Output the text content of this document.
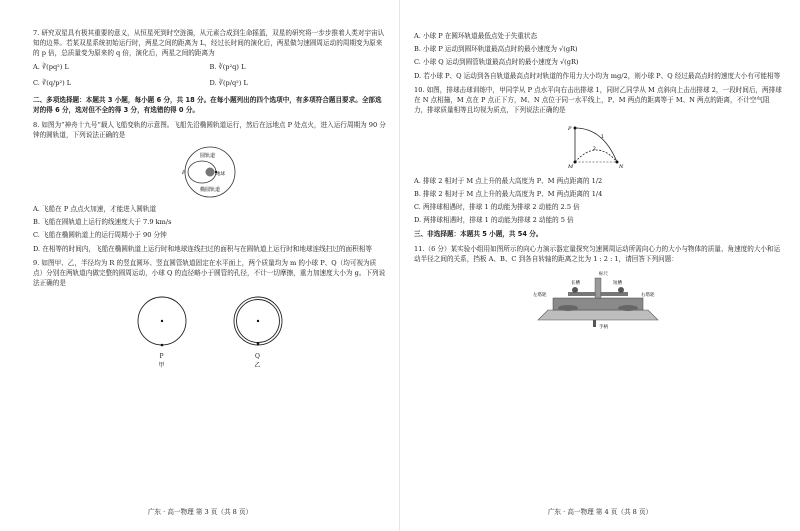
7. 研究双星具有极其重要的意义，从恒星死到时空涟漪，从元素合成到生命摇篮，双星的研究将一步步推着人类对宇宙认知的边界。若某双星系统初始运行时，两星之间的距离为 L，经过长时间的演化后，两星做匀速圆周运动的周期变为原来的 p 倍，总质量变为原来的 q 倍，演化后，两星之间的距离为

A. ∛(pq²) L	B. ∛(p²q) L
C. ∛(q/p²) L	D. ∛(p/q²) L

二、多项选择题：本题共 3 小题，每小题 6 分，共 18 分。在每小题列出的四个选项中，有多项符合题目要求。全部选对的得 6 分，选对但不全的得 3 分，有选错的得 0 分。

8. 如图为“神舟十九号”载人飞船变轨的示意图。飞船先沿椭圆轨道运行，然后在远地点 P 处点火，进入运行周期为 90 分钟的圆轨道，下列说法正确的是

圆轨道
地球
椭圆轨道
P

A. 飞船在 P 点点火加速，才能进入圆轨道

B. 飞船在圆轨道上运行的线速度大于 7.9 km/s

C. 飞船在椭圆轨道上的运行周期小于 90 分钟

D. 在相等的时间内，飞船在椭圆轨道上运行时和地球连线扫过的面积与在圆轨道上运行时和地球连线扫过的面积相等

9. 如图甲、乙，半径均为 R 的竖直圆环、竖直圆管轨道固定在水平面上，两个质量均为 m 的小球 P、Q（均可视为质点）分别在两轨道内做完整的圆周运动，小球 Q 的直径略小于圆管的孔径，不计一切摩擦，重力加速度大小为 g。下列说法正确的是

P
甲
Q
乙
广东 · 高一物理 第 3 页（共 8 页）

A. 小球 P 在圆环轨道最低点处于失重状态

B. 小球 P 运动到圆环轨道最高点时的最小速度为 √(gR)

C. 小球 Q 运动到圆管轨道最高点时的最小速度为 √(gR)

D. 若小球 P、Q 运动到各自轨道最高点时对轨道的作用力大小均为 mg/2，则小球 P、Q 经过最高点时的速度大小有可能相等

10. 如图，排球击球训练中，甲同学从 P 点水平向右击出排球 1，同时乙同学从 M 点斜向上击出排球 2，一段时间后，两排球在 N 点相撞，M 点在 P 点正下方，M、N 点位于同一水平线上，P、M 两点的距离等于 M、N 两点的距离，不计空气阻力，排球质量相等且均视为质点，下列说法正确的是

P
M	N
1
2

A. 排球 2 相对于 M 点上升的最大高度为 P、M 两点距离的 1/2

B. 排球 2 相对于 M 点上升的最大高度为 P、M 两点距离的 1/4

C. 两排球相遇时，排球 1 的动能为排球 2 动能的 2.5 倍

D. 两排球相遇时，排球 1 的动能为排球 2 动能的 5 倍

三、非选择题：本题共 5 小题，共 54 分。

11.（6 分）某实验小组用如图所示的向心力演示器定量探究匀速圆周运动所需向心力的大小与物体的质量、角速度的大小和运动半径之间的关系，挡板 A、B、C 到各自转轴的距离之比为 1 : 2 : 1，请回答下列问题：

标尺
长槽	短槽
左塔轮	右塔轮
手柄
广东 · 高一物理 第 4 页（共 8 页）
